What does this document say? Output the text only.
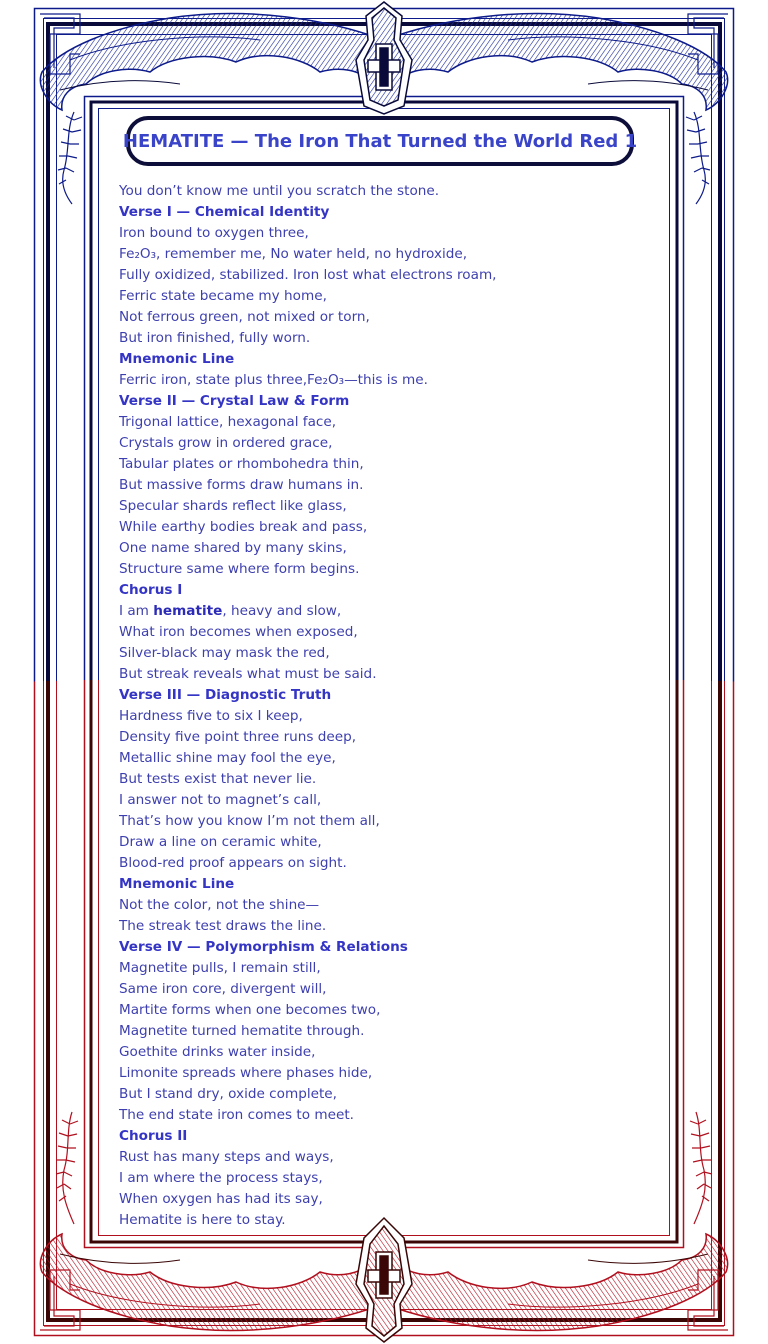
HEMATITE — The Iron That Turned the World Red 1
You don’t know me until you scratch the stone.
Verse I — Chemical Identity
Iron bound to oxygen three,
Fe₂O₃, remember me, No water held, no hydroxide,
Fully oxidized, stabilized. Iron lost what electrons roam,
Ferric state became my home,
Not ferrous green, not mixed or torn,
But iron finished, fully worn.
Mnemonic Line
Ferric iron, state plus three,Fe₂O₃—this is me.
Verse II — Crystal Law & Form
Trigonal lattice, hexagonal face,
Crystals grow in ordered grace,
Tabular plates or rhombohedra thin,
But massive forms draw humans in.
Specular shards reflect like glass,
While earthy bodies break and pass,
One name shared by many skins,
Structure same where form begins.
Chorus I
I am hematite, heavy and slow,
What iron becomes when exposed,
Silver-black may mask the red,
But streak reveals what must be said.
Verse III — Diagnostic Truth
Hardness five to six I keep,
Density five point three runs deep,
Metallic shine may fool the eye,
But tests exist that never lie.
I answer not to magnet’s call,
That’s how you know I’m not them all,
Draw a line on ceramic white,
Blood-red proof appears on sight.
Mnemonic Line
Not the color, not the shine—
The streak test draws the line.
Verse IV — Polymorphism & Relations
Magnetite pulls, I remain still,
Same iron core, divergent will,
Martite forms when one becomes two,
Magnetite turned hematite through.
Goethite drinks water inside,
Limonite spreads where phases hide,
But I stand dry, oxide complete,
The end state iron comes to meet.
Chorus II
Rust has many steps and ways,
I am where the process stays,
When oxygen has had its say,
Hematite is here to stay.
